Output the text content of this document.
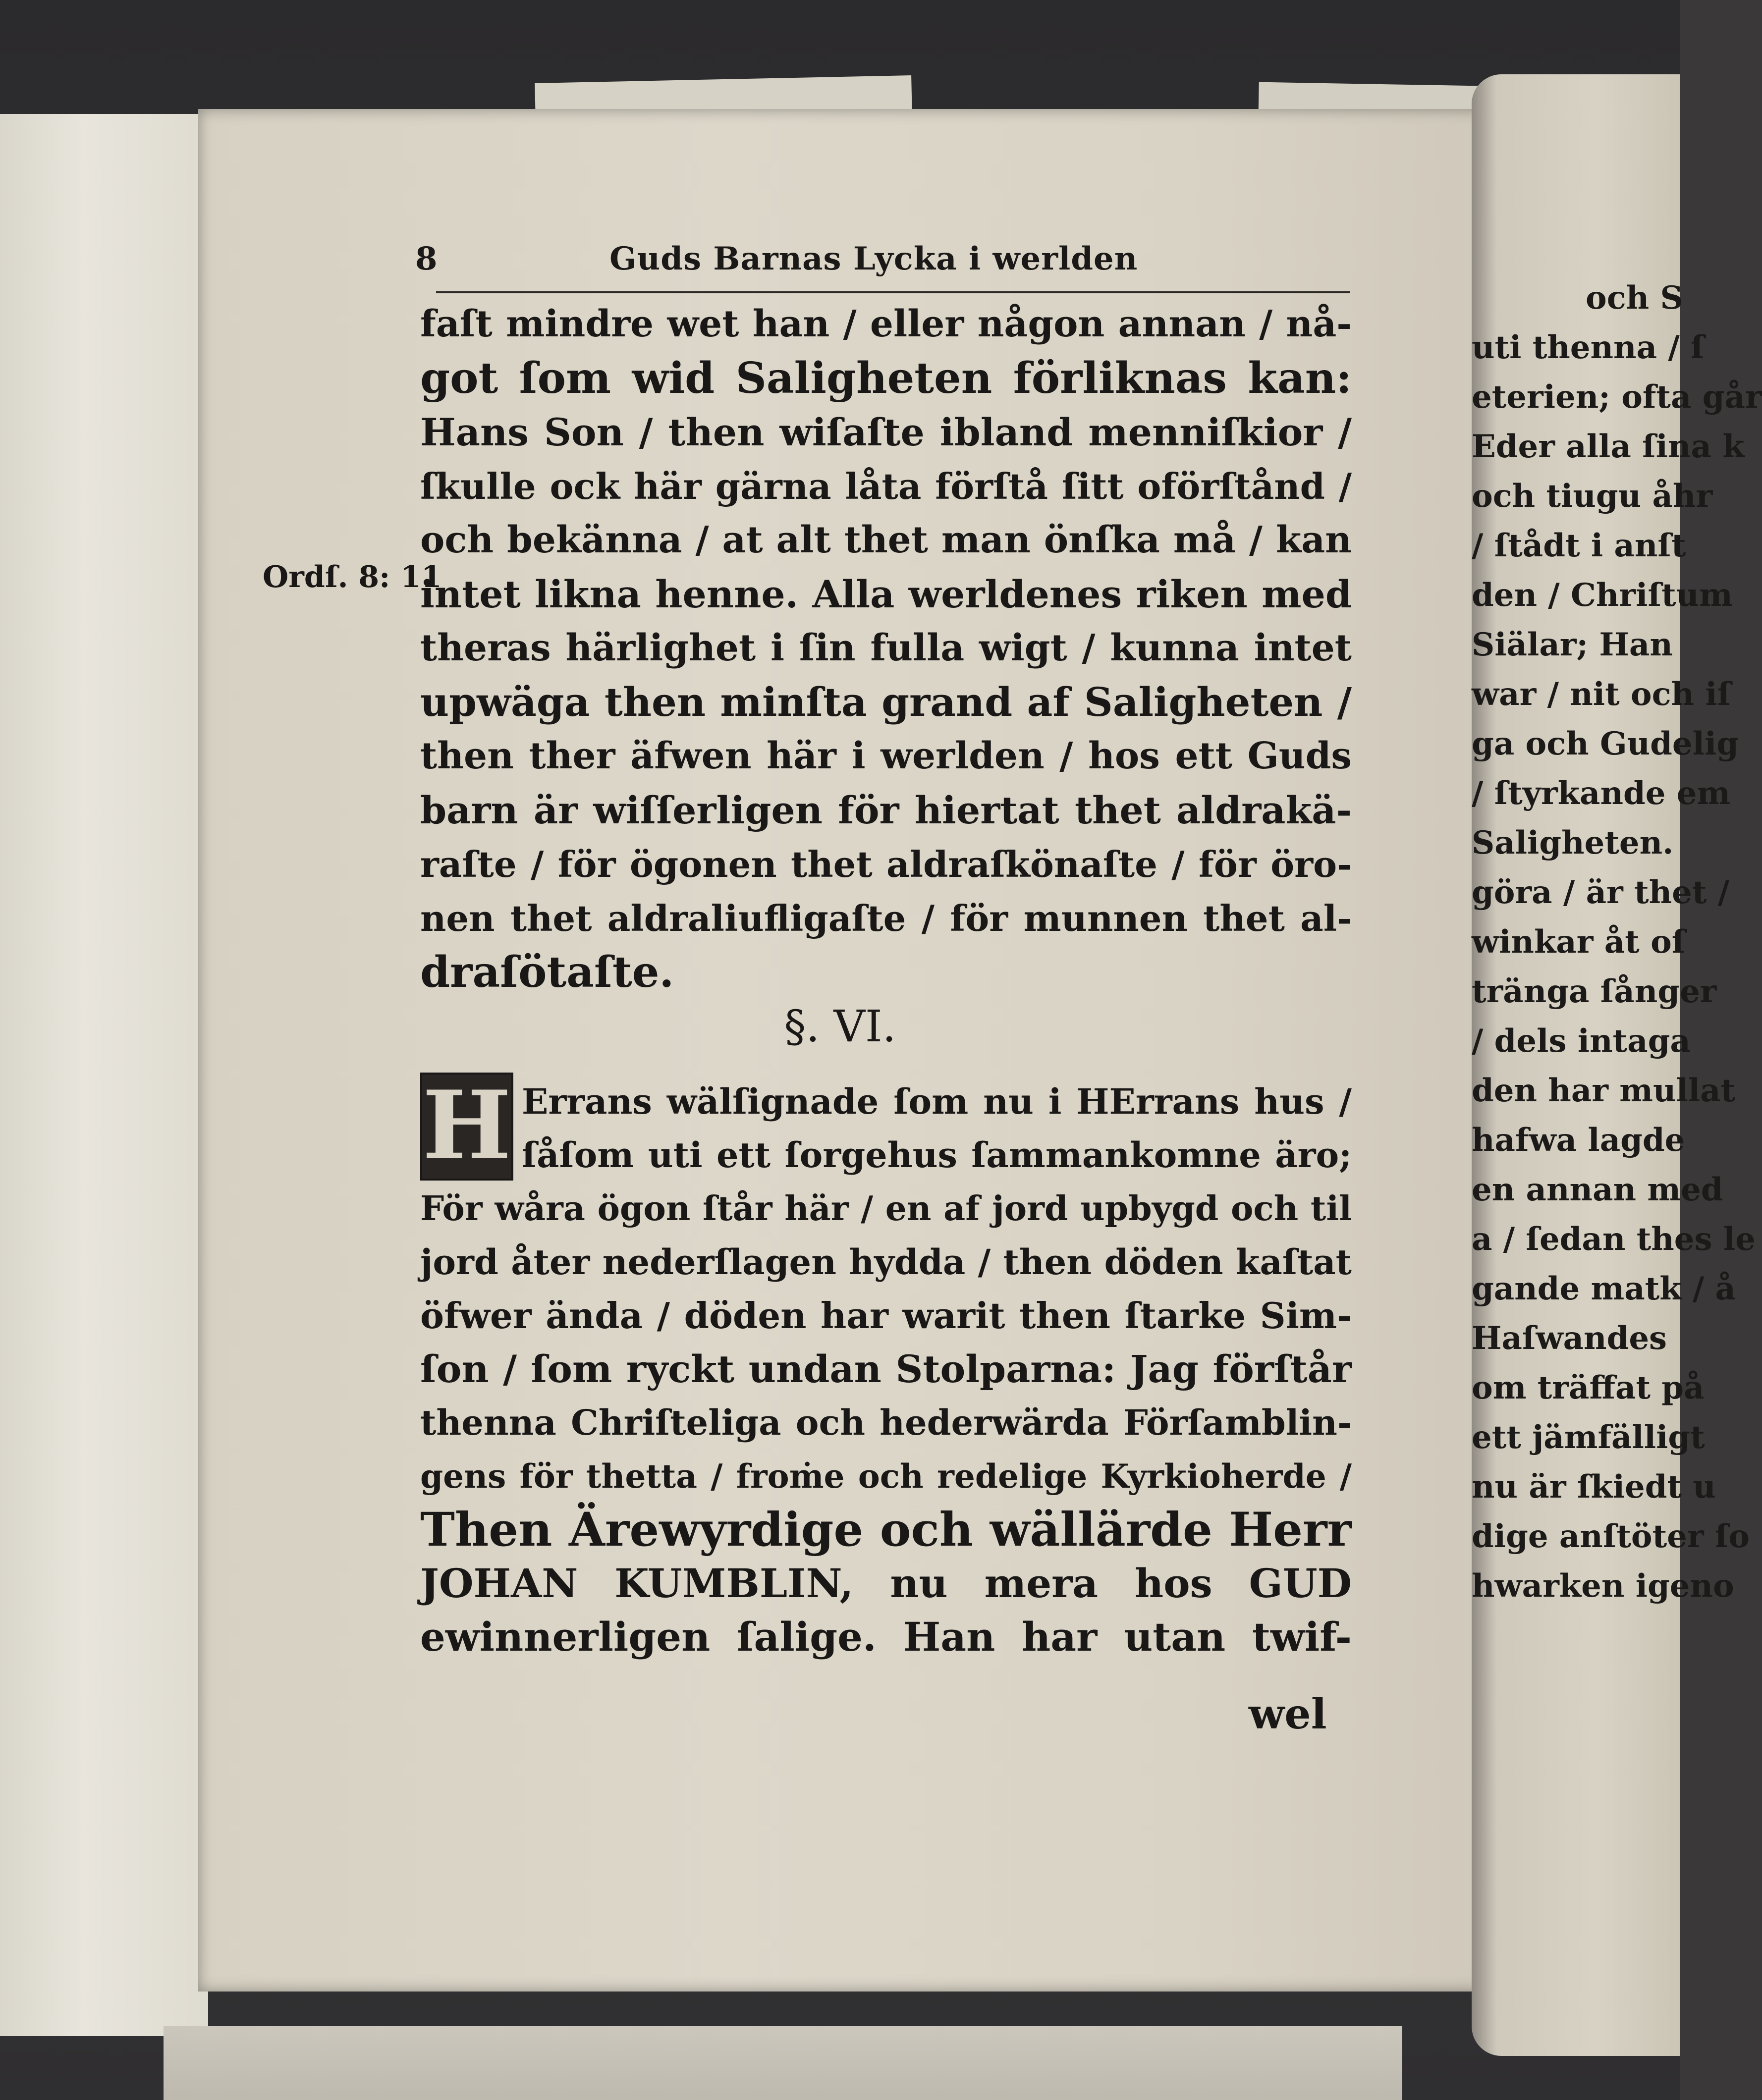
8	Guds Barnas Lycka i werlden
Ordſ. 8: 11
faſt mindre wet han / eller någon annan / nå-
got ſom wid Saligheten förliknas kan:
Hans Son / then wiſaſte ibland menniſkior /
ſkulle ock här gärna låta förſtå ſitt oförſtånd /
och bekänna / at alt thet man önſka må / kan
intet likna henne. Alla werldenes riken med
theras härlighet i ſin fulla wigt / kunna intet
upwäga then minſta grand af Saligheten /
then ther äfwen här i werlden / hos ett Guds
barn är wiſſerligen för hiertat thet aldrakä-
raſte / för ögonen thet aldraſkönaſte / för öro-
nen thet aldraliufligaſte / för munnen thet al-
draſötaſte.
§. VI.
H Errans wälſignade ſom nu i HErrans hus /
ſåſom uti ett ſorgehus ſammankomne äro;
För wåra ögon ſtår här / en af jord upbygd och til
jord åter nederſlagen hydda / then döden kaſtat
öfwer ända / döden har warit then ſtarke Sim-
ſon / ſom ryckt undan Stolparna: Jag förſtår
thenna Chriſteliga och hederwärda Förſamblin-
gens för thetta / froṁe och redelige Kyrkioherde /
Then Ärewyrdige och wällärde Herr
JOHAN KUMBLIN, nu mera hos GUD
ewinnerligen ſalige. Han har utan twif-
wel
och S
uti thenna / ſ
eterien; ofta går
Eder alla ſina k
och tiugu åhr
/ ſtådt i anſt
den / Chriſtum
Siälar; Han
war / nit och iſ
ga och Gudelig
/ ſtyrkande em
Saligheten.
göra / är thet /
winkar åt oſ
tränga ſånger
/ dels intaga
den har mullat
hafwa lagde
en annan med
a / ſedan thes le
gande matk / å
Haſwandes
om träffat på
ett jämfälligt
nu är ſkiedt u
dige anſtöter ſo
hwarken igeno
